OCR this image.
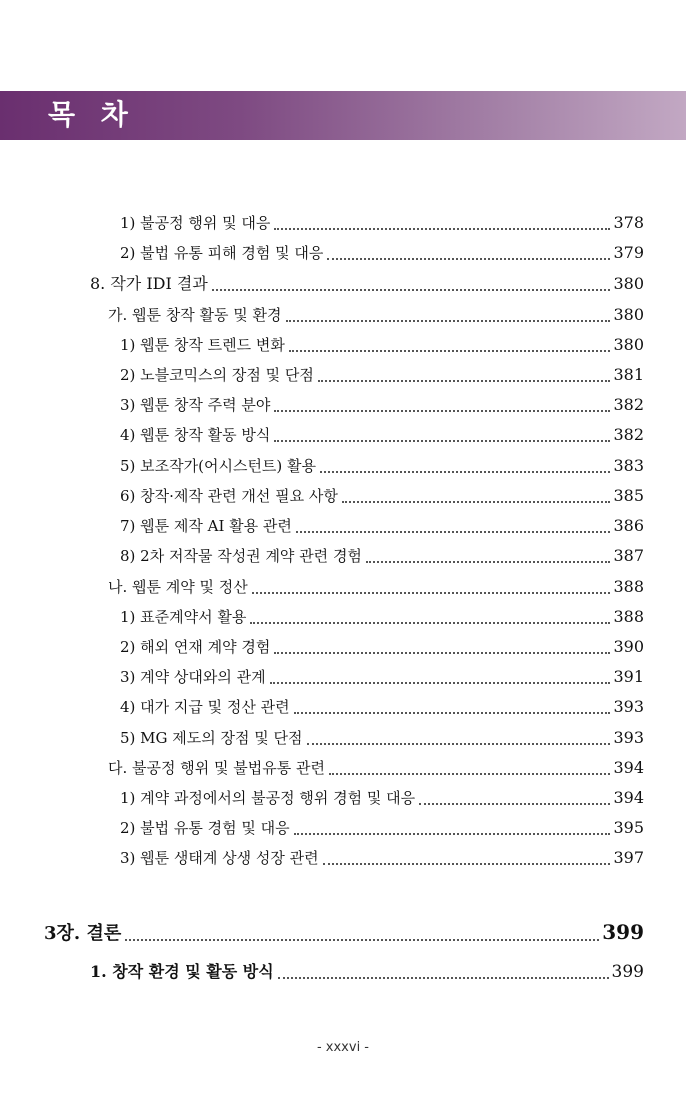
목 차
1) 불공정 행위 및 대응	378
2) 불법 유통 피해 경험 및 대응	379
8. 작가 IDI 결과	380
가. 웹툰 창작 활동 및 환경	380
1) 웹툰 창작 트렌드 변화	380
2) 노블코믹스의 장점 및 단점	381
3) 웹툰 창작 주력 분야	382
4) 웹툰 창작 활동 방식	382
5) 보조작가(어시스턴트) 활용	383
6) 창작·제작 관련 개선 필요 사항	385
7) 웹툰 제작 AI 활용 관련	386
8) 2차 저작물 작성권 계약 관련 경험	387
나. 웹툰 계약 및 정산	388
1) 표준계약서 활용	388
2) 해외 연재 계약 경험	390
3) 계약 상대와의 관계	391
4) 대가 지급 및 정산 관련	393
5) MG 제도의 장점 및 단점	393
다. 불공정 행위 및 불법유통 관련	394
1) 계약 과정에서의 불공정 행위 경험 및 대응	394
2) 불법 유통 경험 및 대응	395
3) 웹툰 생태계 상생 성장 관련	397
3장. 결론	399
1. 창작 환경 및 활동 방식	399
- xxxvi -
